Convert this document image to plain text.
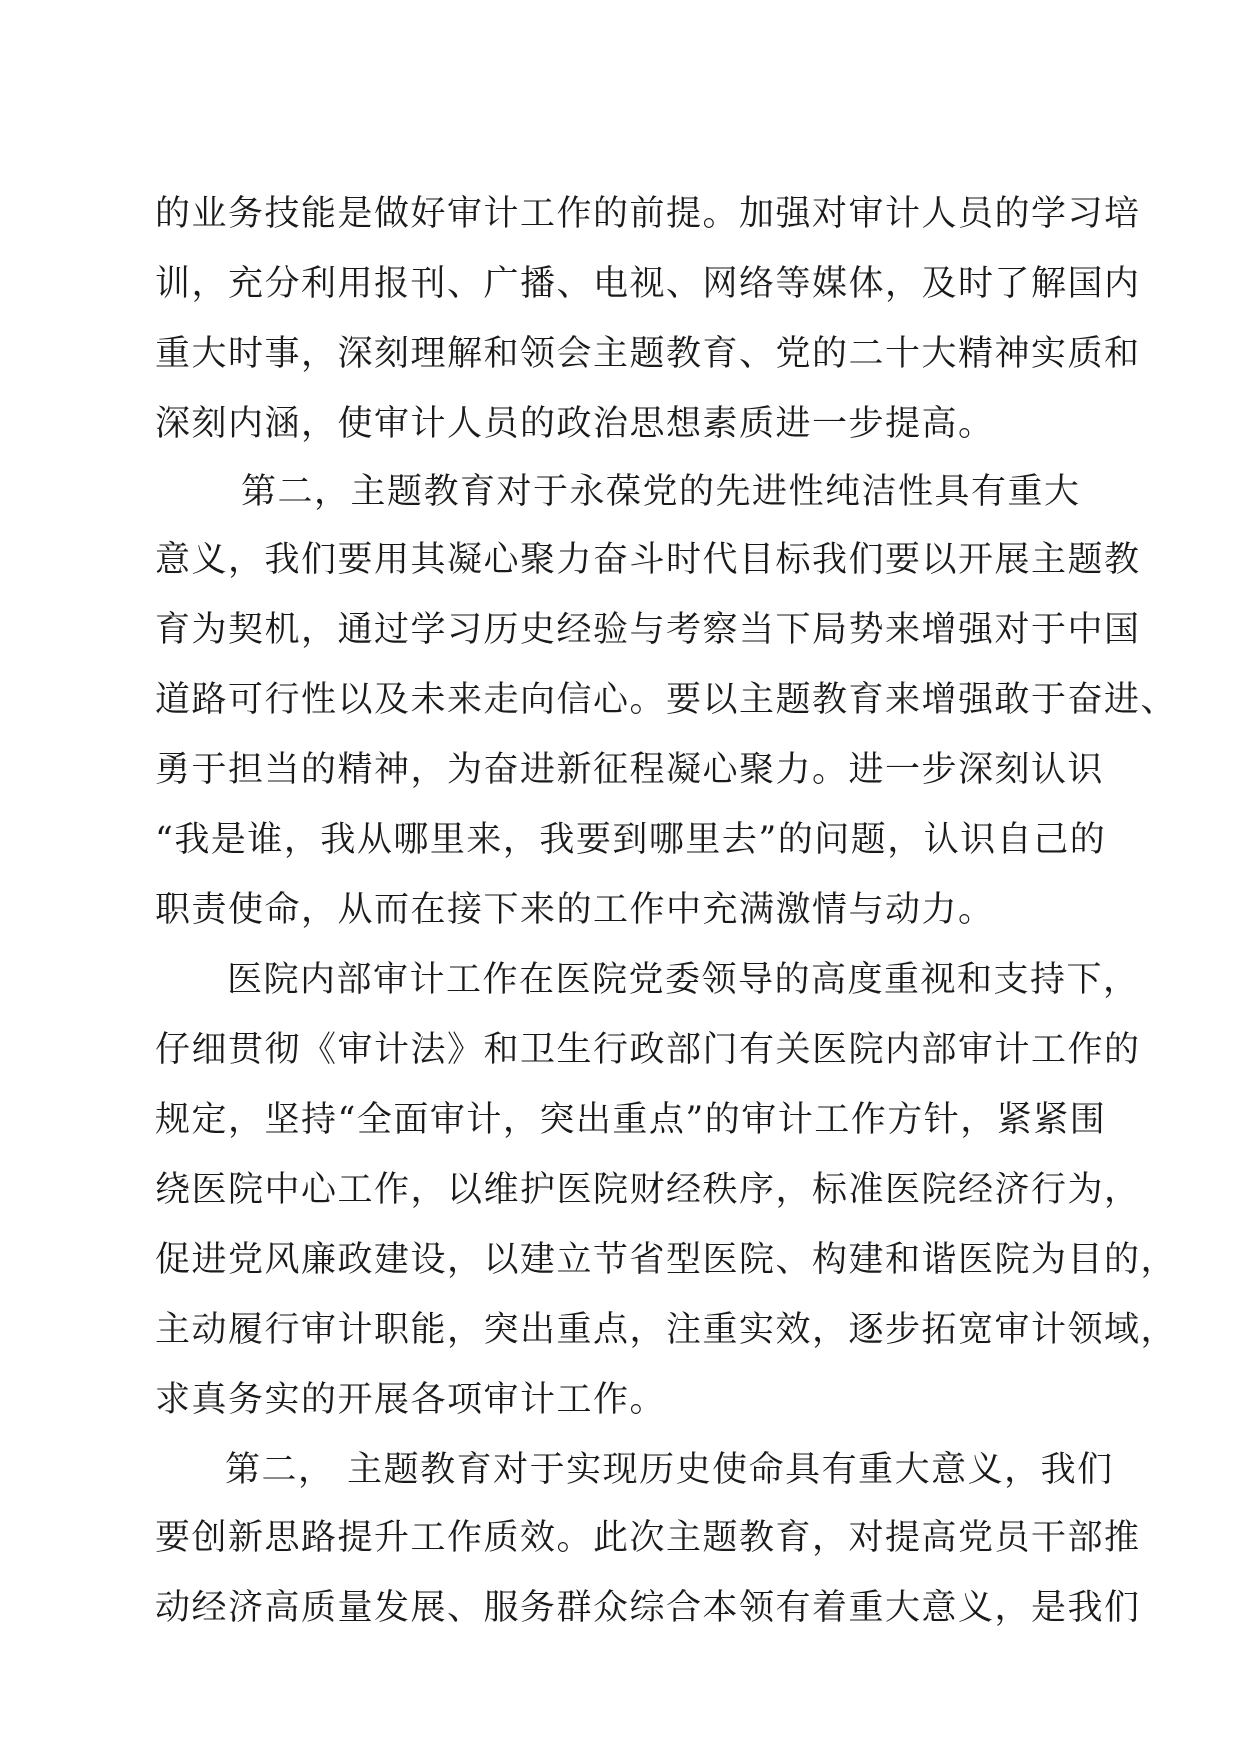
的业务技能是做好审计工作的前提。加强对审计人员的学习培
训，充分利用报刊、广播、电视、网络等媒体，及时了解国内
重大时事，深刻理解和领会主题教育、党的二十大精神实质和
深刻内涵，使审计人员的政治思想素质进一步提高。
第二，主题教育对于永葆党的先进性纯洁性具有重大
意义，我们要用其凝心聚力奋斗时代目标我们要以开展主题教
育为契机，通过学习历史经验与考察当下局势来增强对于中国
道路可行性以及未来走向信心。要以主题教育来增强敢于奋进、
勇于担当的精神，为奋进新征程凝心聚力。进一步深刻认识
“我是谁，我从哪里来，我要到哪里去”的问题，认识自己的
职责使命，从而在接下来的工作中充满激情与动力。
医院内部审计工作在医院党委领导的高度重视和支持下，
仔细贯彻《审计法》和卫生行政部门有关医院内部审计工作的
规定，坚持“全面审计，突出重点”的审计工作方针，紧紧围
绕医院中心工作，以维护医院财经秩序，标准医院经济行为，
促进党风廉政建设，以建立节省型医院、构建和谐医院为目的，
主动履行审计职能，突出重点，注重实效，逐步拓宽审计领域，
求真务实的开展各项审计工作。
第二， 主题教育对于实现历史使命具有重大意义，我们
要创新思路提升工作质效。此次主题教育，对提高党员干部推
动经济高质量发展、服务群众综合本领有着重大意义，是我们
